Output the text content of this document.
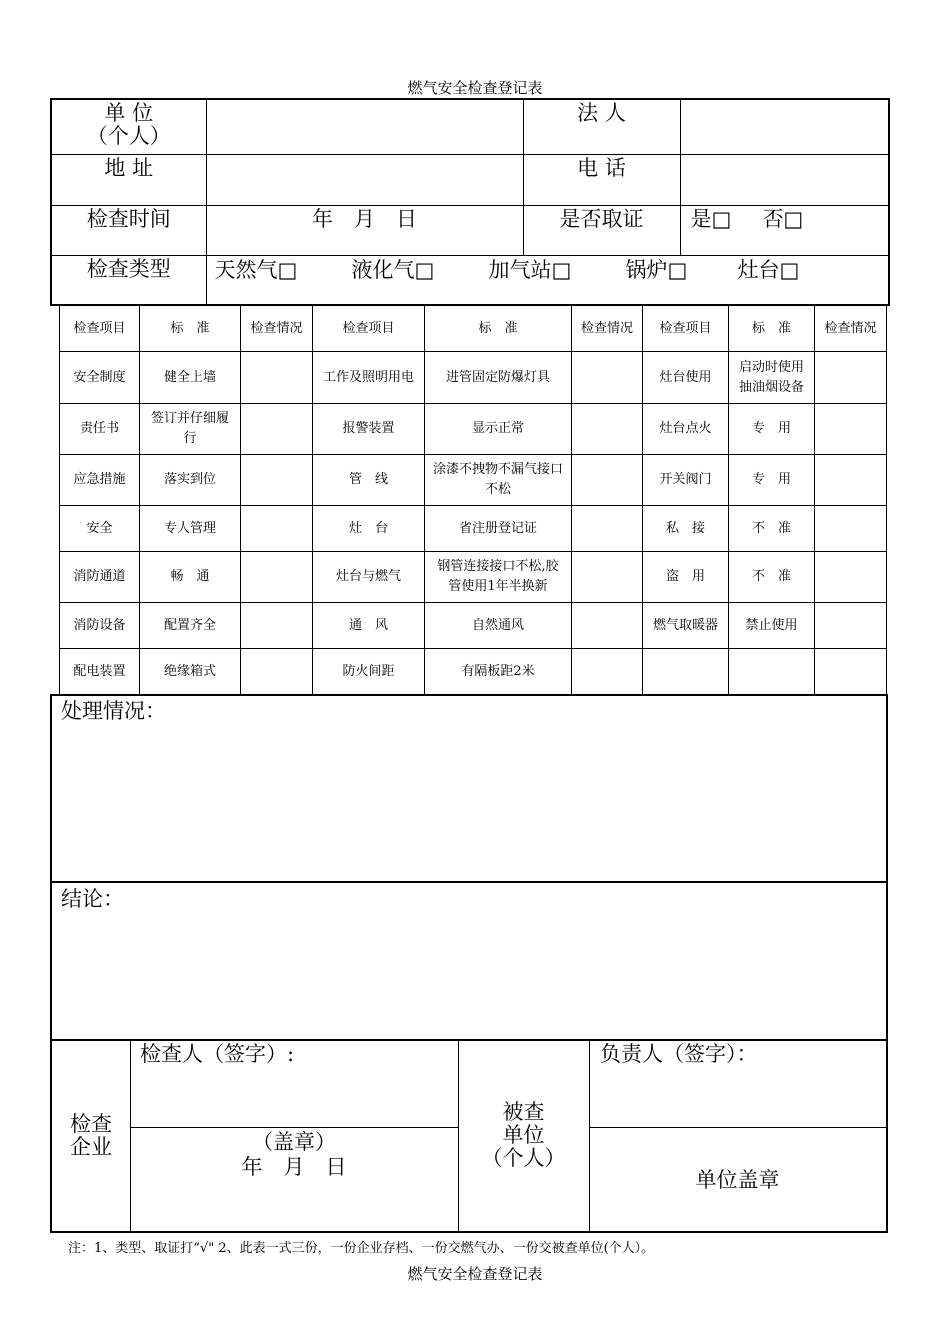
燃气安全检查登记表
单 位
（个人）		法 人	

地 址		电 话	

检查时间	年　月　日	是否取证	是□ 否□

检查类型	天然气□ 液化气□ 加气站□ 锅炉□ 灶台□		
检查项目	标　准	检查情况	检查项目	标　准	检查情况	检查项目	标　准	检查情况
安全制度	健全上墙		工作及照明用电	进管固定防爆灯具		灶台使用	启动时使用抽油烟设备	
责任书	签订并仔细履行		报警装置	显示正常		灶台点火	专　用	
应急措施	落实到位		管　线	涂漆不拽物不漏气接口不松		开关阀门	专　用	
安全	专人管理		灶　台	省注册登记证		私　接	不　准	
消防通道	畅　通		灶台与燃气	钢管连接接口不松,胶管使用1年半换新		盗　用	不　准	
消防设备	配置齐全		通　风	自然通风		燃气取暖器	禁止使用	
配电装置	绝缘箱式		防火间距	有隔板距2米				
处理情况：
结论：
检查
企业
检查人（签字）:
（盖章）
年　月　日
被查
单位
（个人）
负责人（签字）：
单位盖章
注：1、类型、取证打“√" 2、此表一式三份，一份企业存档、一份交燃气办、一份交被查单位(个人）。
燃气安全检查登记表
